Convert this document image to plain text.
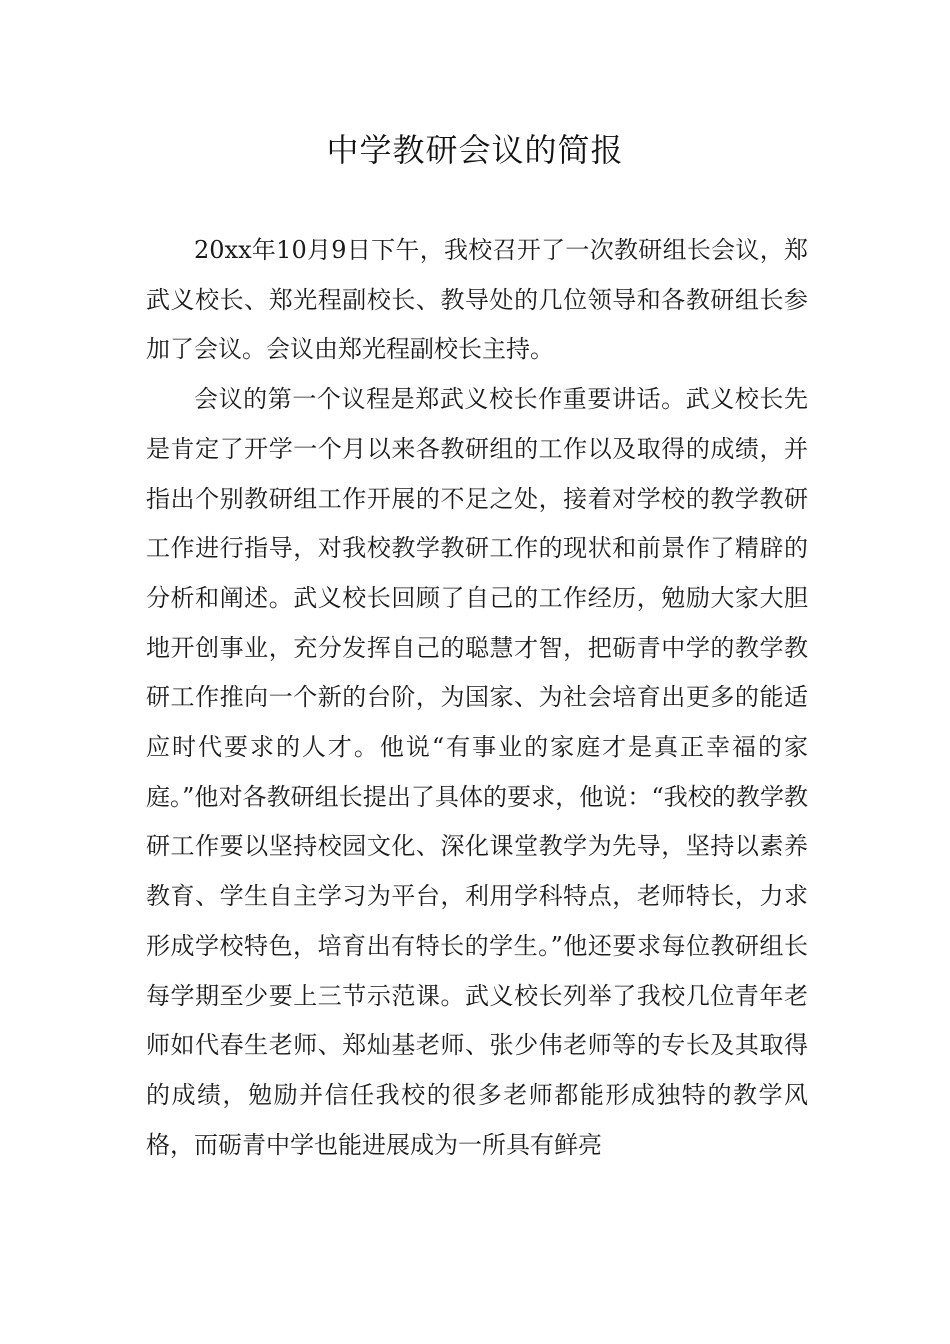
中学教研会议的简报

20xx年10月9日下午，我校召开了一次教研组长会议，郑武义校长、郑光程副校长、教导处的几位领导和各教研组长参加了会议。会议由郑光程副校长主持。

会议的第一个议程是郑武义校长作重要讲话。武义校长先是肯定了开学一个月以来各教研组的工作以及取得的成绩，并指出个别教研组工作开展的不足之处，接着对学校的教学教研工作进行指导，对我校教学教研工作的现状和前景作了精辟的分析和阐述。武义校长回顾了自己的工作经历，勉励大家大胆地开创事业，充分发挥自己的聪慧才智，把砺青中学的教学教研工作推向一个新的台阶，为国家、为社会培育出更多的能适应时代要求的人才。他说“有事业的家庭才是真正幸福的家庭。”他对各教研组长提出了具体的要求，他说：“我校的教学教研工作要以坚持校园文化、深化课堂教学为先导，坚持以素养教育、学生自主学习为平台，利用学科特点，老师特长，力求形成学校特色，培育出有特长的学生。”他还要求每位教研组长每学期至少要上三节示范课。武义校长列举了我校几位青年老师如代春生老师、郑灿基老师、张少伟老师等的专长及其取得的成绩，勉励并信任我校的很多老师都能形成独特的教学风格，而砺青中学也能进展成为一所具有鲜亮
